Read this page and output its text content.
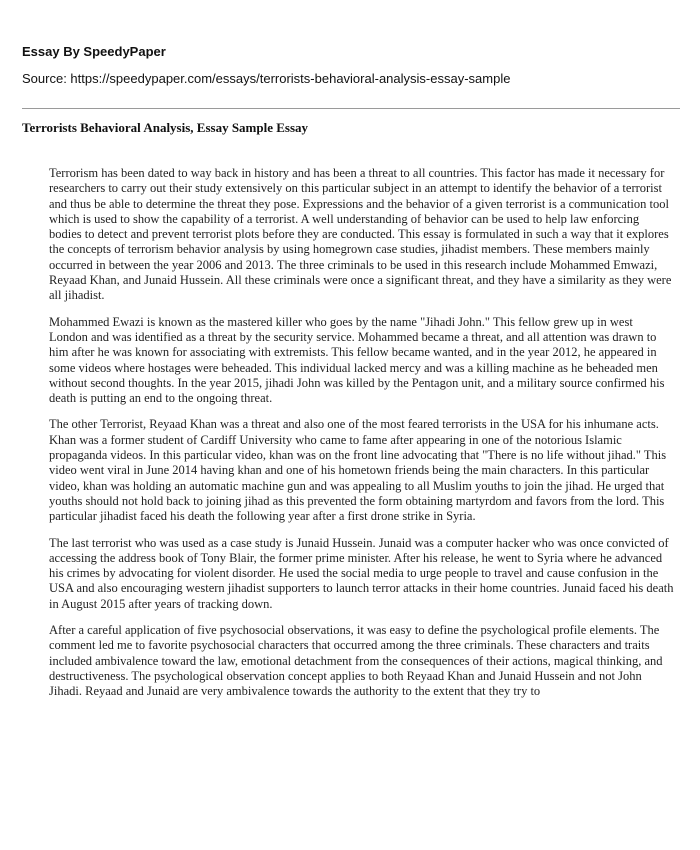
Essay By SpeedyPaper
Source: https://speedypaper.com/essays/terrorists-behavioral-analysis-essay-sample
Terrorists Behavioral Analysis, Essay Sample Essay

Terrorism has been dated to way back in history and has been a threat to all countries. This factor has made it necessary for researchers to carry out their study extensively on this particular subject in an attempt to identify the behavior of a terrorist and thus be able to determine the threat they pose. Expressions and the behavior of a given terrorist is a communication tool which is used to show the capability of a terrorist. A well understanding of behavior can be used to help law enforcing bodies to detect and prevent terrorist plots before they are conducted. This essay is formulated in such a way that it explores the concepts of terrorism behavior analysis by using homegrown case studies, jihadist members. These members mainly occurred in between the year 2006 and 2013. The three criminals to be used in this research include Mohammed Emwazi, Reyaad Khan, and Junaid Hussein. All these criminals were once a significant threat, and they have a similarity as they were all jihadist.

Mohammed Ewazi is known as the mastered killer who goes by the name "Jihadi John." This fellow grew up in west London and was identified as a threat by the security service. Mohammed became a threat, and all attention was drawn to him after he was known for associating with extremists. This fellow became wanted, and in the year 2012, he appeared in some videos where hostages were beheaded. This individual lacked mercy and was a killing machine as he beheaded men without second thoughts. In the year 2015, jihadi John was killed by the Pentagon unit, and a military source confirmed his death is putting an end to the ongoing threat.

The other Terrorist, Reyaad Khan was a threat and also one of the most feared terrorists in the USA for his inhumane acts. Khan was a former student of Cardiff University who came to fame after appearing in one of the notorious Islamic propaganda videos. In this particular video, khan was on the front line advocating that "There is no life without jihad." This video went viral in June 2014 having khan and one of his hometown friends being the main characters. In this particular video, khan was holding an automatic machine gun and was appealing to all Muslim youths to join the jihad. He urged that youths should not hold back to joining jihad as this prevented the form obtaining martyrdom and favors from the lord. This particular jihadist faced his death the following year after a first drone strike in Syria.

The last terrorist who was used as a case study is Junaid Hussein. Junaid was a computer hacker who was once convicted of accessing the address book of Tony Blair, the former prime minister. After his release, he went to Syria where he advanced his crimes by advocating for violent disorder. He used the social media to urge people to travel and cause confusion in the USA and also encouraging western jihadist supporters to launch terror attacks in their home countries. Junaid faced his death in August 2015 after years of tracking down.

After a careful application of five psychosocial observations, it was easy to define the psychological profile elements. The comment led me to favorite psychosocial characters that occurred among the three criminals. These characters and traits included ambivalence toward the law, emotional detachment from the consequences of their actions, magical thinking, and destructiveness. The psychological observation concept applies to both Reyaad Khan and Junaid Hussein and not John Jihadi. Reyaad and Junaid are very ambivalence towards the authority to the extent that they try to
